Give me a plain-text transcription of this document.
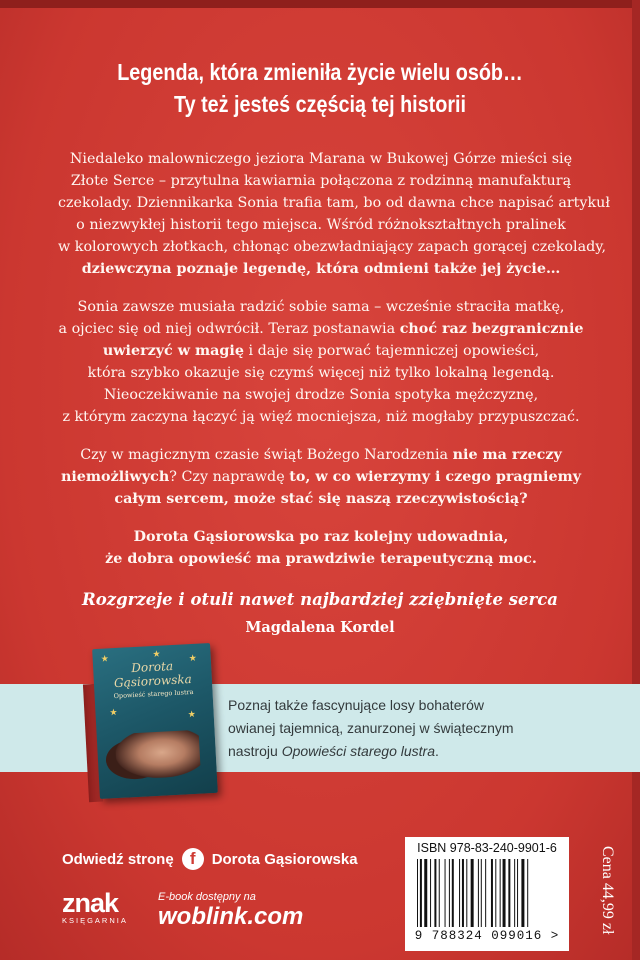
Legenda, która zmieniła życie wielu osób…
Ty też jesteś częścią tej historii
Niedaleko malowniczego jeziora Marana w Bukowej Górze mieści się
Złote Serce – przytulna kawiarnia połączona z rodzinną manufakturą
czekolady. Dziennikarka Sonia trafia tam, bo od dawna chce napisać artykuł
o niezwykłej historii tego miejsca. Wśród różnokształtnych pralinek
w kolorowych złotkach, chłonąc obezwładniający zapach gorącej czekolady,
dziewczyna poznaje legendę, która odmieni także jej życie…
Sonia zawsze musiała radzić sobie sama – wcześnie straciła matkę,
a ojciec się od niej odwrócił. Teraz postanawia choć raz bezgranicznie
uwierzyć w magię i daje się porwać tajemniczej opowieści,
która szybko okazuje się czymś więcej niż tylko lokalną legendą.
Nieoczekiwanie na swojej drodze Sonia spotyka mężczyznę,
z którym zaczyna łączyć ją więź mocniejsza, niż mogłaby przypuszczać.
Czy w magicznym czasie świąt Bożego Narodzenia nie ma rzeczy
niemożliwych? Czy naprawdę to, w co wierzymy i czego pragniemy
całym sercem, może stać się naszą rzeczywistością?
Dorota Gąsiorowska po raz kolejny udowadnia,
że dobra opowieść ma prawdziwie terapeutyczną moc.
Rozgrzeje i otuli nawet najbardziej zziębnięte serca
Magdalena Kordel
★	★
★	★
★
Dorota Gąsiorowska
Opowieść starego lustra
Poznaj także fascynujące losy bohaterów
owianej tajemnicą, zanurzonej w świątecznym
nastroju Opowieści starego lustra.
Odwiedź stronę f	Dorota Gąsiorowska
znak
KSIĘGARNIA
E-book dostępny na
woblink.com
ISBN 978-83-240-9901-6
9 788324 099016 >
Cena 44,99 zł
